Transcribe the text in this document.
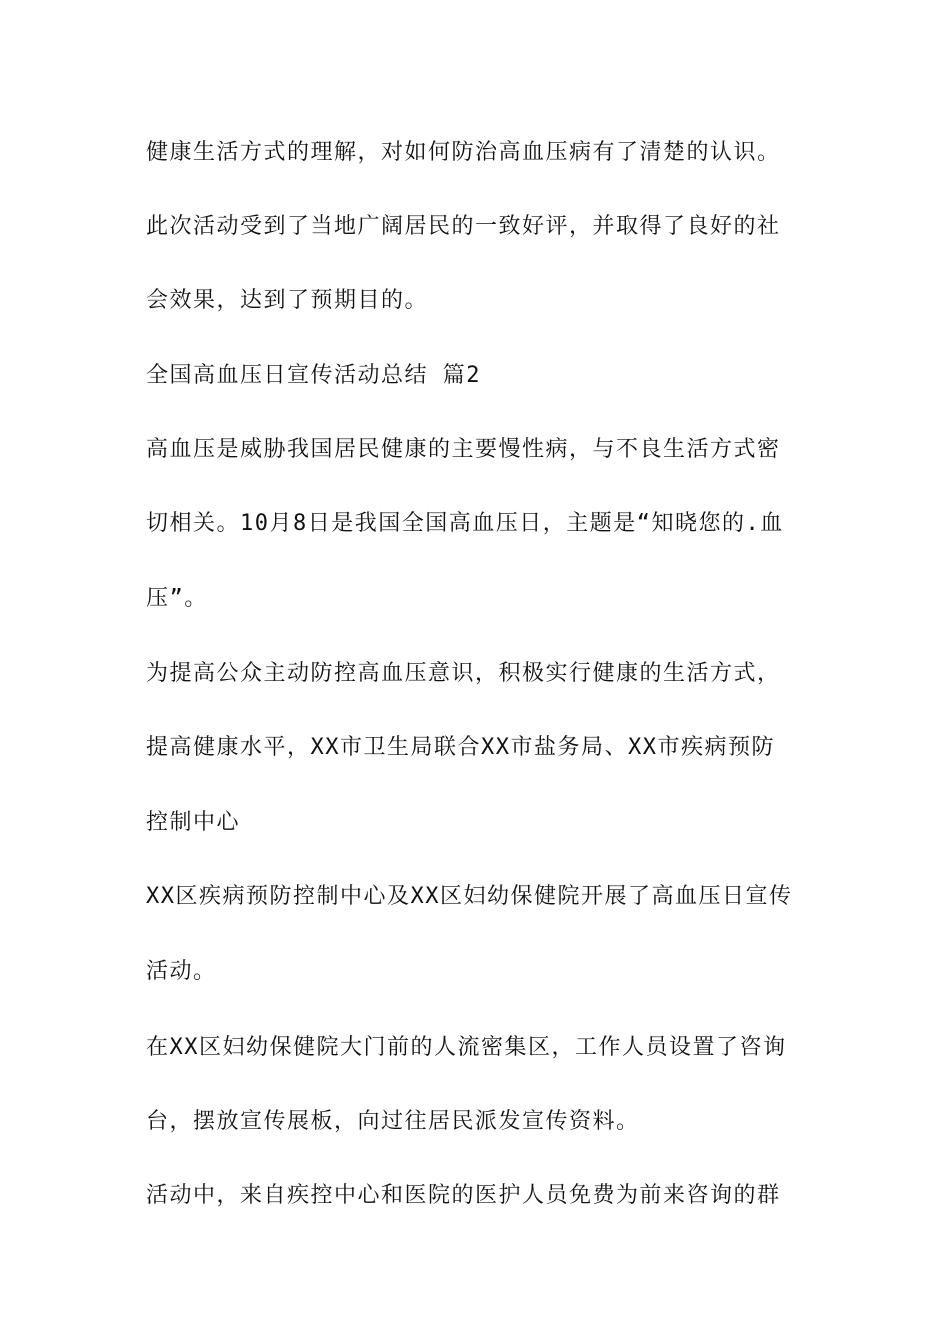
健康生活方式的理解，对如何防治高血压病有了清楚的认识。
此次活动受到了当地广阔居民的一致好评，并取得了良好的社
会效果，达到了预期目的。
全国高血压日宣传活动总结 篇2
高血压是威胁我国居民健康的主要慢性病，与不良生活方式密
切相关。10月8日是我国全国高血压日，主题是“知晓您的.血
压”。
为提高公众主动防控高血压意识，积极实行健康的生活方式，
提高健康水平，XX市卫生局联合XX市盐务局、XX市疾病预防
控制中心
XX区疾病预防控制中心及XX区妇幼保健院开展了高血压日宣传
活动。
在XX区妇幼保健院大门前的人流密集区，工作人员设置了咨询
台，摆放宣传展板，向过往居民派发宣传资料。
活动中，来自疾控中心和医院的医护人员免费为前来咨询的群
